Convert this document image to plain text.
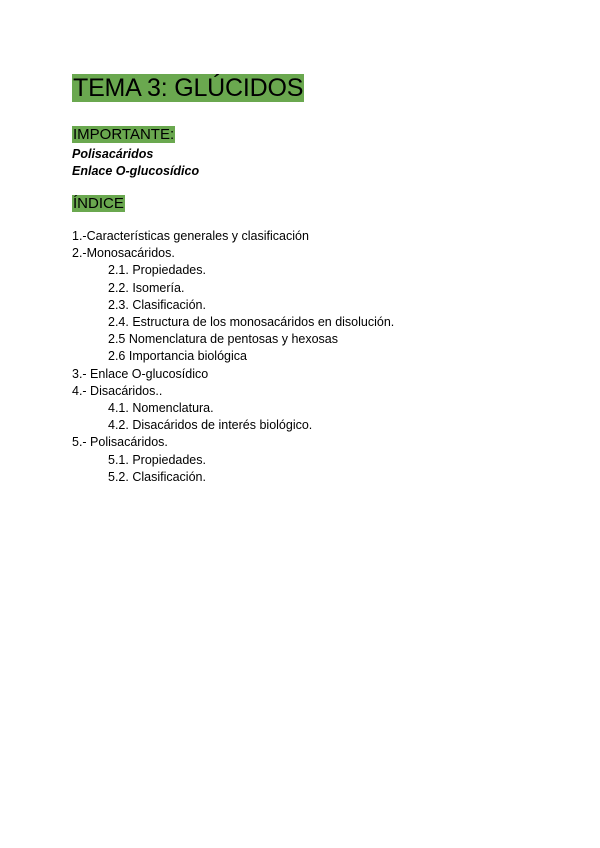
TEMA 3: GLÚCIDOS
IMPORTANTE:
Polisacáridos
Enlace O-glucosídico
ÍNDICE
1.-Características generales y clasificación
2.-Monosacáridos.
2.1. Propiedades.
2.2. Isomería.
2.3. Clasificación.
2.4. Estructura de los monosacáridos en disolución.
2.5 Nomenclatura de pentosas y hexosas
2.6 Importancia biológica
3.- Enlace O-glucosídico
4.- Disacáridos..
4.1. Nomenclatura.
4.2. Disacáridos de interés biológico.
5.- Polisacáridos.
5.1. Propiedades.
5.2. Clasificación.
